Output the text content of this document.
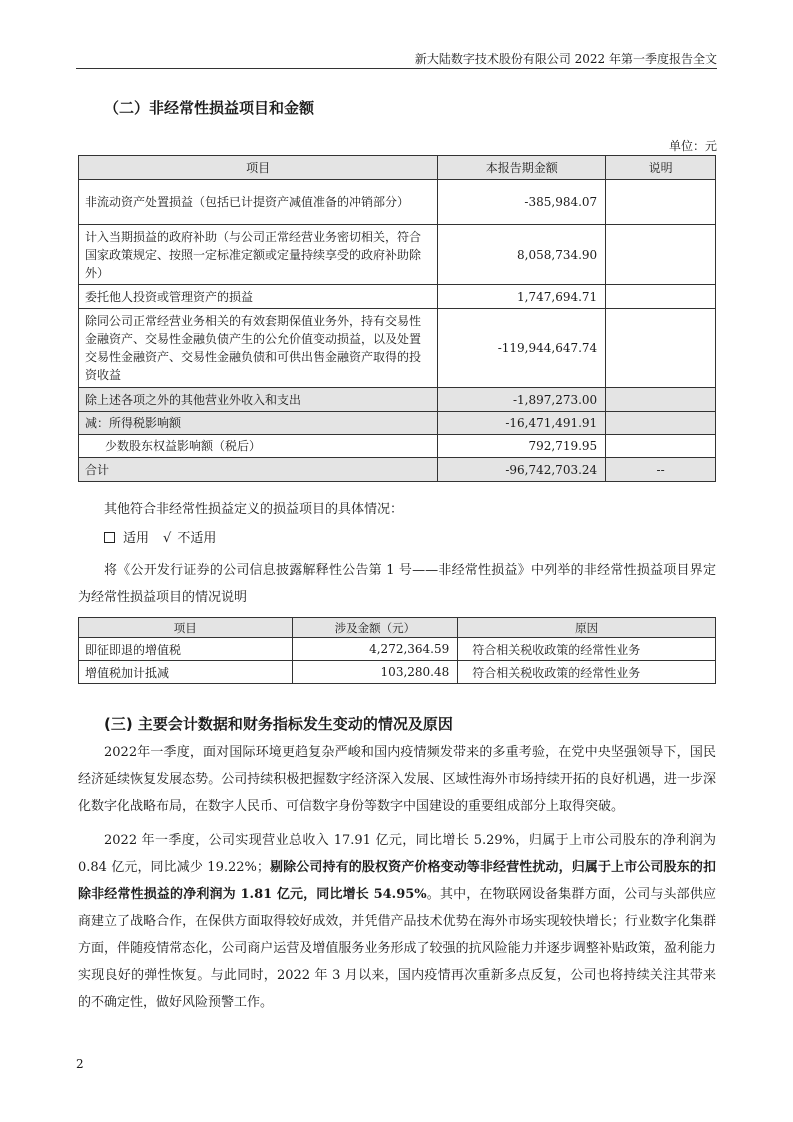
新大陆数字技术股份有限公司 2022 年第一季度报告全文
（二）非经常性损益项目和金额
单位：元
项目	本报告期金额	说明
非流动资产处置损益（包括已计提资产减值准备的冲销部分）	-385,984.07	
计入当期损益的政府补助（与公司正常经营业务密切相关，符合国家政策规定、按照一定标准定额或定量持续享受的政府补助除外）	8,058,734.90	
委托他人投资或管理资产的损益	1,747,694.71	
除同公司正常经营业务相关的有效套期保值业务外，持有交易性金融资产、交易性金融负债产生的公允价值变动损益，以及处置交易性金融资产、交易性金融负债和可供出售金融资产取得的投资收益	-119,944,647.74	
除上述各项之外的其他营业外收入和支出	-1,897,273.00	
减：所得税影响额	-16,471,491.91	
少数股东权益影响额（税后）	792,719.95	
合计	-96,742,703.24	--
其他符合非经常性损益定义的损益项目的具体情况：
适用 √ 不适用

将《公开发行证券的公司信息披露解释性公告第 1 号——非经常性损益》中列举的非经常性损益项目界定为经常性损益项目的情况说明

项目	涉及金额（元）	原因
即征即退的增值税	4,272,364.59	符合相关税收政策的经常性业务
增值税加计抵减	103,280.48	符合相关税收政策的经常性业务
(三) 主要会计数据和财务指标发生变动的情况及原因

2022年一季度，面对国际环境更趋复杂严峻和国内疫情频发带来的多重考验，在党中央坚强领导下，国民经济延续恢复发展态势。公司持续积极把握数字经济深入发展、区域性海外市场持续开拓的良好机遇，进一步深化数字化战略布局，在数字人民币、可信数字身份等数字中国建设的重要组成部分上取得突破。

2022 年一季度，公司实现营业总收入 17.91 亿元，同比增长 5.29%，归属于上市公司股东的净利润为 0.84 亿元，同比减少 19.22%；剔除公司持有的股权资产价格变动等非经营性扰动，归属于上市公司股东的扣除非经常性损益的净利润为 1.81 亿元，同比增长 54.95%。其中，在物联网设备集群方面，公司与头部供应商建立了战略合作，在保供方面取得较好成效，并凭借产品技术优势在海外市场实现较快增长；行业数字化集群方面，伴随疫情常态化，公司商户运营及增值服务业务形成了较强的抗风险能力并逐步调整补贴政策，盈利能力实现良好的弹性恢复。与此同时，2022 年 3 月以来，国内疫情再次重新多点反复，公司也将持续关注其带来的不确定性，做好风险预警工作。

2
